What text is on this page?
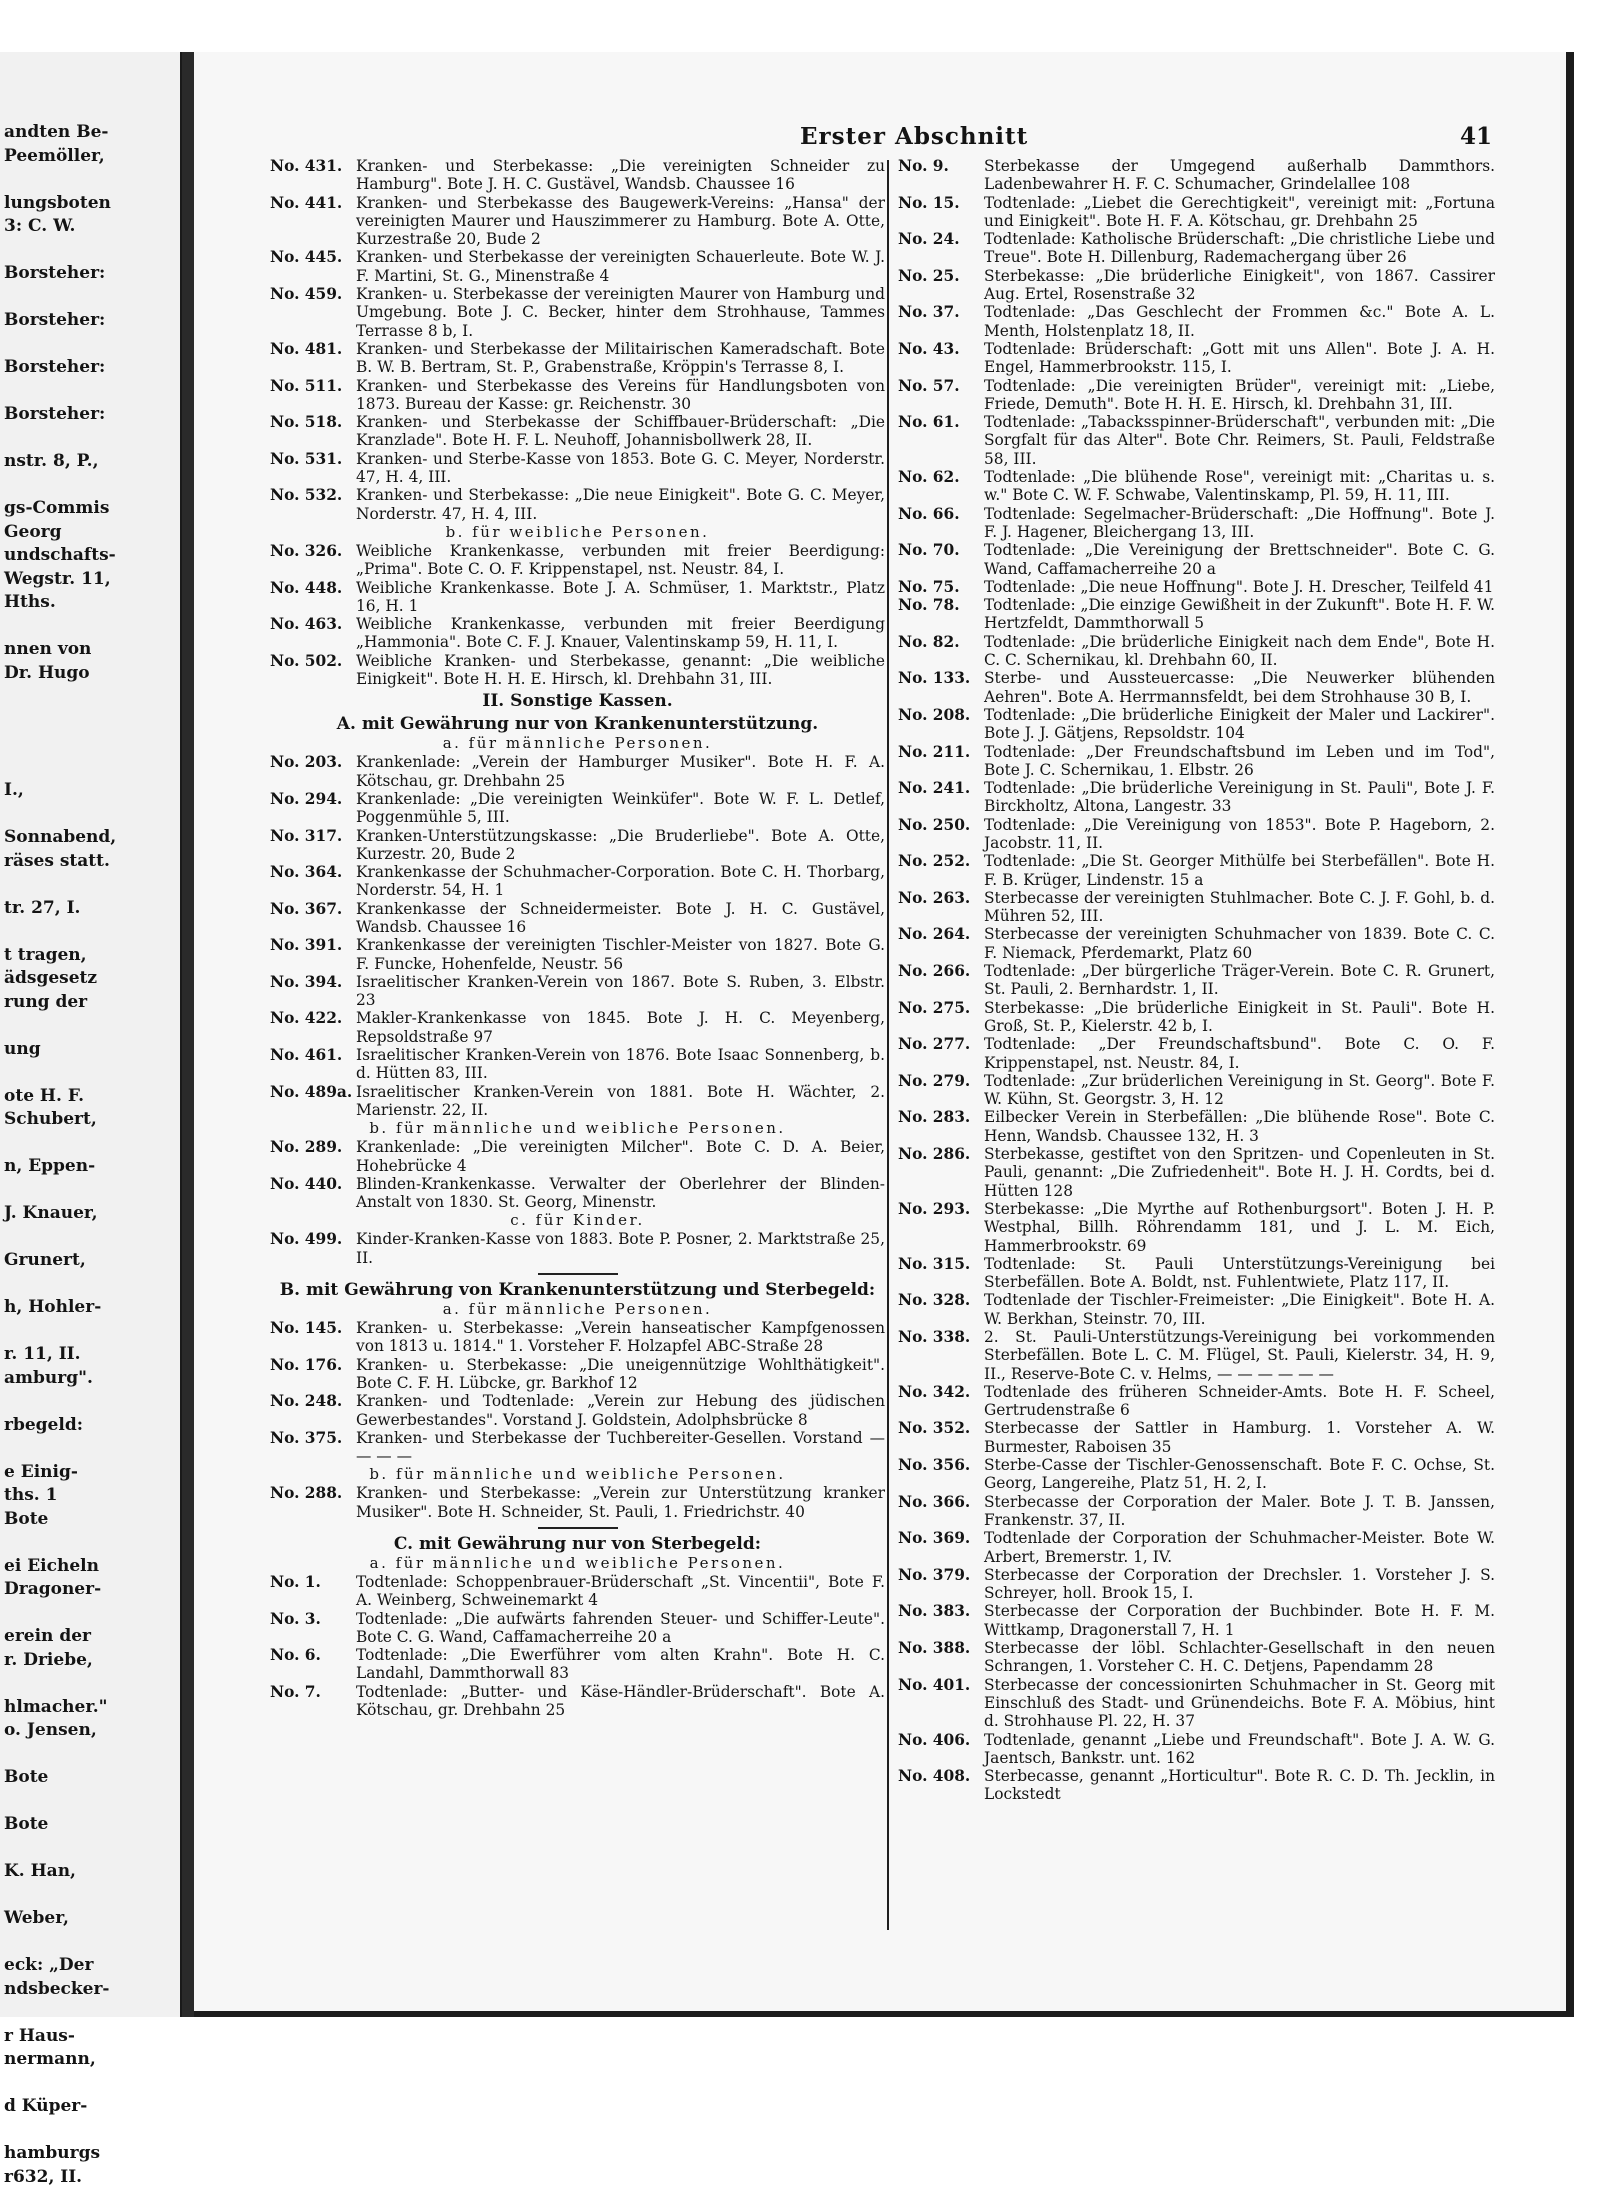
andten Be-
Peemöller,
lungsboten
3: C. W.
Borsteher:
Borsteher:
Borsteher:
Borsteher:
nstr. 8, P.,
gs-Commis
Georg
undschafts-
Wegstr. 11,
Hths.
nnen von
Dr. Hugo
I.,
Sonnabend,
räses statt.
tr. 27, I.
t tragen,
ädsgesetz
rung der
ung
ote H. F.
Schubert,
n, Eppen-
J. Knauer,
Grunert,
h, Hohler-
r. 11, II.
amburg".
rbegeld:
e Einig-
ths. 1
Bote
ei Eicheln
Dragoner-
erein der
r. Driebe,
hlmacher."
o. Jensen,
Bote
Bote
K. Han,
Weber,
eck: „Der
ndsbecker-
r Haus-
nermann,
d Küper-
hamburgs
r632, II.
Erster Abschnitt	41
No. 431. Kranken- und Sterbekasse: „Die vereinigten Schneider zu Hamburg". Bote J. H. C. Gustävel, Wandsb. Chaussee 16
No. 441. Kranken- und Sterbekasse des Baugewerk-Vereins: „Hansa" der vereinigten Maurer und Hauszimmerer zu Hamburg. Bote A. Otte, Kurzestraße 20, Bude 2
No. 445. Kranken- und Sterbekasse der vereinigten Schauerleute. Bote W. J. F. Martini, St. G., Minenstraße 4
No. 459. Kranken- u. Sterbekasse der vereinigten Maurer von Hamburg und Umgebung. Bote J. C. Becker, hinter dem Strohhause, Tammes Terrasse 8 b, I.
No. 481. Kranken- und Sterbekasse der Militairischen Kameradschaft. Bote B. W. B. Bertram, St. P., Grabenstraße, Kröppin's Terrasse 8, I.
No. 511. Kranken- und Sterbekasse des Vereins für Handlungsboten von 1873. Bureau der Kasse: gr. Reichenstr. 30
No. 518. Kranken- und Sterbekasse der Schiffbauer-Brüderschaft: „Die Kranzlade". Bote H. F. L. Neuhoff, Johannisbollwerk 28, II.
No. 531. Kranken- und Sterbe-Kasse von 1853. Bote G. C. Meyer, Norderstr. 47, H. 4, III.
No. 532. Kranken- und Sterbekasse: „Die neue Einigkeit". Bote G. C. Meyer, Norderstr. 47, H. 4, III.
b. für weibliche Personen.
No. 326. Weibliche Krankenkasse, verbunden mit freier Beerdigung: „Prima". Bote C. O. F. Krippenstapel, nst. Neustr. 84, I.
No. 448. Weibliche Krankenkasse. Bote J. A. Schmüser, 1. Marktstr., Platz 16, H. 1
No. 463. Weibliche Krankenkasse, verbunden mit freier Beerdigung „Hammonia". Bote C. F. J. Knauer, Valentinskamp 59, H. 11, I.
No. 502. Weibliche Kranken- und Sterbekasse, genannt: „Die weibliche Einigkeit". Bote H. H. E. Hirsch, kl. Drehbahn 31, III.
II. Sonstige Kassen.
A. mit Gewährung nur von Krankenunterstützung.
a. für männliche Personen.
No. 203. Krankenlade: „Verein der Hamburger Musiker". Bote H. F. A. Kötschau, gr. Drehbahn 25
No. 294. Krankenlade: „Die vereinigten Weinküfer". Bote W. F. L. Detlef, Poggenmühle 5, III.
No. 317. Kranken-Unterstützungskasse: „Die Bruderliebe". Bote A. Otte, Kurzestr. 20, Bude 2
No. 364. Krankenkasse der Schuhmacher-Corporation. Bote C. H. Thorbarg, Norderstr. 54, H. 1
No. 367. Krankenkasse der Schneidermeister. Bote J. H. C. Gustävel, Wandsb. Chaussee 16
No. 391. Krankenkasse der vereinigten Tischler-Meister von 1827. Bote G. F. Funcke, Hohenfelde, Neustr. 56
No. 394. Israelitischer Kranken-Verein von 1867. Bote S. Ruben, 3. Elbstr. 23
No. 422. Makler-Krankenkasse von 1845. Bote J. H. C. Meyenberg, Repsoldstraße 97
No. 461. Israelitischer Kranken-Verein von 1876. Bote Isaac Sonnenberg, b. d. Hütten 83, III.
No. 489a. Israelitischer Kranken-Verein von 1881. Bote H. Wächter, 2. Marienstr. 22, II.
b. für männliche und weibliche Personen.
No. 289. Krankenlade: „Die vereinigten Milcher". Bote C. D. A. Beier, Hohebrücke 4
No. 440. Blinden-Krankenkasse. Verwalter der Oberlehrer der Blinden-Anstalt von 1830. St. Georg, Minenstr.
c. für Kinder.
No. 499. Kinder-Kranken-Kasse von 1883. Bote P. Posner, 2. Marktstraße 25, II.
B. mit Gewährung von Krankenunterstützung und Sterbegeld:
a. für männliche Personen.
No. 145. Kranken- u. Sterbekasse: „Verein hanseatischer Kampfgenossen von 1813 u. 1814." 1. Vorsteher F. Holzapfel ABC-Straße 28
No. 176. Kranken- u. Sterbekasse: „Die uneigennützige Wohlthätigkeit". Bote C. F. H. Lübcke, gr. Barkhof 12
No. 248. Kranken- und Todtenlade: „Verein zur Hebung des jüdischen Gewerbestandes". Vorstand J. Goldstein, Adolphsbrücke 8
No. 375. Kranken- und Sterbekasse der Tuchbereiter-Gesellen. Vorstand — — — —
b. für männliche und weibliche Personen.
No. 288. Kranken- und Sterbekasse: „Verein zur Unterstützung kranker Musiker". Bote H. Schneider, St. Pauli, 1. Friedrichstr. 40
C. mit Gewährung nur von Sterbegeld:
a. für männliche und weibliche Personen.
No. 1.	Todtenlade: Schoppenbrauer-Brüderschaft „St. Vincentii", Bote F. A. Weinberg, Schweinemarkt 4
No. 3.	Todtenlade: „Die aufwärts fahrenden Steuer- und Schiffer-Leute". Bote C. G. Wand, Caffamacherreihe 20 a
No. 6.	Todtenlade: „Die Ewerführer vom alten Krahn". Bote H. C. Landahl, Dammthorwall 83
No. 7.	Todtenlade: „Butter- und Käse-Händler-Brüderschaft". Bote A. Kötschau, gr. Drehbahn 25
No. 9.	Sterbekasse der Umgegend außerhalb Dammthors. Ladenbewahrer H. F. C. Schumacher, Grindelallee 108
No. 15.	Todtenlade: „Liebet die Gerechtigkeit", vereinigt mit: „Fortuna und Einigkeit". Bote H. F. A. Kötschau, gr. Drehbahn 25
No. 24.	Todtenlade: Katholische Brüderschaft: „Die christliche Liebe und Treue". Bote H. Dillenburg, Rademachergang über 26
No. 25.	Sterbekasse: „Die brüderliche Einigkeit", von 1867. Cassirer Aug. Ertel, Rosenstraße 32
No. 37.	Todtenlade: „Das Geschlecht der Frommen &c." Bote A. L. Menth, Holstenplatz 18, II.
No. 43.	Todtenlade: Brüderschaft: „Gott mit uns Allen". Bote J. A. H. Engel, Hammerbrookstr. 115, I.
No. 57.	Todtenlade: „Die vereinigten Brüder", vereinigt mit: „Liebe, Friede, Demuth". Bote H. H. E. Hirsch, kl. Drehbahn 31, III.
No. 61.	Todtenlade: „Tabacksspinner-Brüderschaft", verbunden mit: „Die Sorgfalt für das Alter". Bote Chr. Reimers, St. Pauli, Feldstraße 58, III.
No. 62.	Todtenlade: „Die blühende Rose", vereinigt mit: „Charitas u. s. w." Bote C. W. F. Schwabe, Valentinskamp, Pl. 59, H. 11, III.
No. 66.	Todtenlade: Segelmacher-Brüderschaft: „Die Hoffnung". Bote J. F. J. Hagener, Bleichergang 13, III.
No. 70.	Todtenlade: „Die Vereinigung der Brettschneider". Bote C. G. Wand, Caffamacherreihe 20 a
No. 75.	Todtenlade: „Die neue Hoffnung". Bote J. H. Drescher, Teilfeld 41
No. 78.	Todtenlade: „Die einzige Gewißheit in der Zukunft". Bote H. F. W. Hertzfeldt, Dammthorwall 5
No. 82.	Todtenlade: „Die brüderliche Einigkeit nach dem Ende", Bote H. C. C. Schernikau, kl. Drehbahn 60, II.
No. 133. Sterbe- und Aussteuercasse: „Die Neuwerker blühenden Aehren". Bote A. Herrmannsfeldt, bei dem Strohhause 30 B, I.
No. 208. Todtenlade: „Die brüderliche Einigkeit der Maler und Lackirer". Bote J. J. Gätjens, Repsoldstr. 104
No. 211. Todtenlade: „Der Freundschaftsbund im Leben und im Tod", Bote J. C. Schernikau, 1. Elbstr. 26
No. 241. Todtenlade: „Die brüderliche Vereinigung in St. Pauli", Bote J. F. Birckholtz, Altona, Langestr. 33
No. 250. Todtenlade: „Die Vereinigung von 1853". Bote P. Hageborn, 2. Jacobstr. 11, II.
No. 252. Todtenlade: „Die St. Georger Mithülfe bei Sterbefällen". Bote H. F. B. Krüger, Lindenstr. 15 a
No. 263. Sterbecasse der vereinigten Stuhlmacher. Bote C. J. F. Gohl, b. d. Mühren 52, III.
No. 264. Sterbecasse der vereinigten Schuhmacher von 1839. Bote C. C. F. Niemack, Pferdemarkt, Platz 60
No. 266. Todtenlade: „Der bürgerliche Träger-Verein. Bote C. R. Grunert, St. Pauli, 2. Bernhardstr. 1, II.
No. 275. Sterbekasse: „Die brüderliche Einigkeit in St. Pauli". Bote H. Groß, St. P., Kielerstr. 42 b, I.
No. 277. Todtenlade: „Der Freundschaftsbund". Bote C. O. F. Krippenstapel, nst. Neustr. 84, I.
No. 279. Todtenlade: „Zur brüderlichen Vereinigung in St. Georg". Bote F. W. Kühn, St. Georgstr. 3, H. 12
No. 283. Eilbecker Verein in Sterbefällen: „Die blühende Rose". Bote C. Henn, Wandsb. Chaussee 132, H. 3
No. 286. Sterbekasse, gestiftet von den Spritzen- und Copenleuten in St. Pauli, genannt: „Die Zufriedenheit". Bote H. J. H. Cordts, bei d. Hütten 128
No. 293. Sterbekasse: „Die Myrthe auf Rothenburgsort". Boten J. H. P. Westphal, Billh. Röhrendamm 181, und J. L. M. Eich, Hammerbrookstr. 69
No. 315. Todtenlade: St. Pauli Unterstützungs-Vereinigung bei Sterbefällen. Bote A. Boldt, nst. Fuhlentwiete, Platz 117, II.
No. 328. Todtenlade der Tischler-Freimeister: „Die Einigkeit". Bote H. A. W. Berkhan, Steinstr. 70, III.
No. 338. 2. St. Pauli-Unterstützungs-Vereinigung bei vorkommenden Sterbefällen. Bote L. C. M. Flügel, St. Pauli, Kielerstr. 34, H. 9, II., Reserve-Bote C. v. Helms, — — — — — —
No. 342. Todtenlade des früheren Schneider-Amts. Bote H. F. Scheel, Gertrudenstraße 6
No. 352. Sterbecasse der Sattler in Hamburg. 1. Vorsteher A. W. Burmester, Raboisen 35
No. 356. Sterbe-Casse der Tischler-Genossenschaft. Bote F. C. Ochse, St. Georg, Langereihe, Platz 51, H. 2, I.
No. 366. Sterbecasse der Corporation der Maler. Bote J. T. B. Janssen, Frankenstr. 37, II.
No. 369. Todtenlade der Corporation der Schuhmacher-Meister. Bote W. Arbert, Bremerstr. 1, IV.
No. 379. Sterbecasse der Corporation der Drechsler. 1. Vorsteher J. S. Schreyer, holl. Brook 15, I.
No. 383. Sterbecasse der Corporation der Buchbinder. Bote H. F. M. Wittkamp, Dragonerstall 7, H. 1
No. 388. Sterbecasse der löbl. Schlachter-Gesellschaft in den neuen Schrangen, 1. Vorsteher C. H. C. Detjens, Papendamm 28
No. 401. Sterbecasse der concessionirten Schuhmacher in St. Georg mit Einschluß des Stadt- und Grünendeichs. Bote F. A. Möbius, hint d. Strohhause Pl. 22, H. 37
No. 406. Todtenlade, genannt „Liebe und Freundschaft". Bote J. A. W. G. Jaentsch, Bankstr. unt. 162
No. 408. Sterbecasse, genannt „Horticultur". Bote R. C. D. Th. Jecklin, in Lockstedt
